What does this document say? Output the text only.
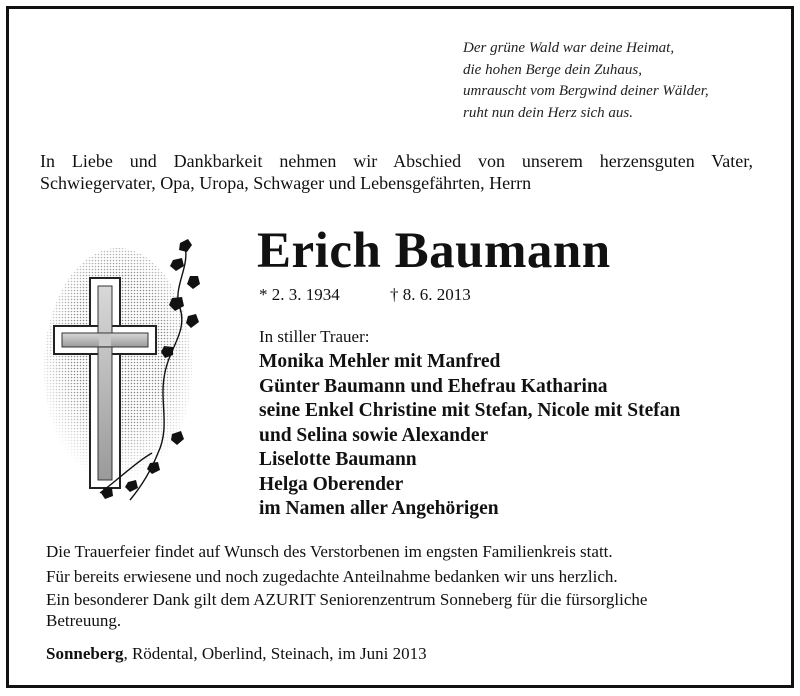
Der grüne Wald war deine Heimat,
die hohen Berge dein Zuhaus,
umrauscht vom Bergwind deiner Wälder,
ruht nun dein Herz sich aus.
In Liebe und Dankbarkeit nehmen wir Abschied von unserem herzensguten Vater,
Schwiegervater, Opa, Uropa, Schwager und Lebensgefährten, Herrn
Erich Baumann
* 2. 3. 1934	† 8. 6. 2013
In stiller Trauer:
Monika Mehler mit Manfred
Günter Baumann und Ehefrau Katharina
seine Enkel Christine mit Stefan, Nicole mit Stefan
und Selina sowie Alexander
Liselotte Baumann
Helga Oberender
im Namen aller Angehörigen
Die Trauerfeier findet auf Wunsch des Verstorbenen im engsten Familienkreis statt.
Für bereits erwiesene und noch zugedachte Anteilnahme bedanken wir uns herzlich.
Ein besonderer Dank gilt dem AZURIT Seniorenzentrum Sonneberg für die fürsorgliche
Betreuung.
Sonneberg, Rödental, Oberlind, Steinach, im Juni 2013
